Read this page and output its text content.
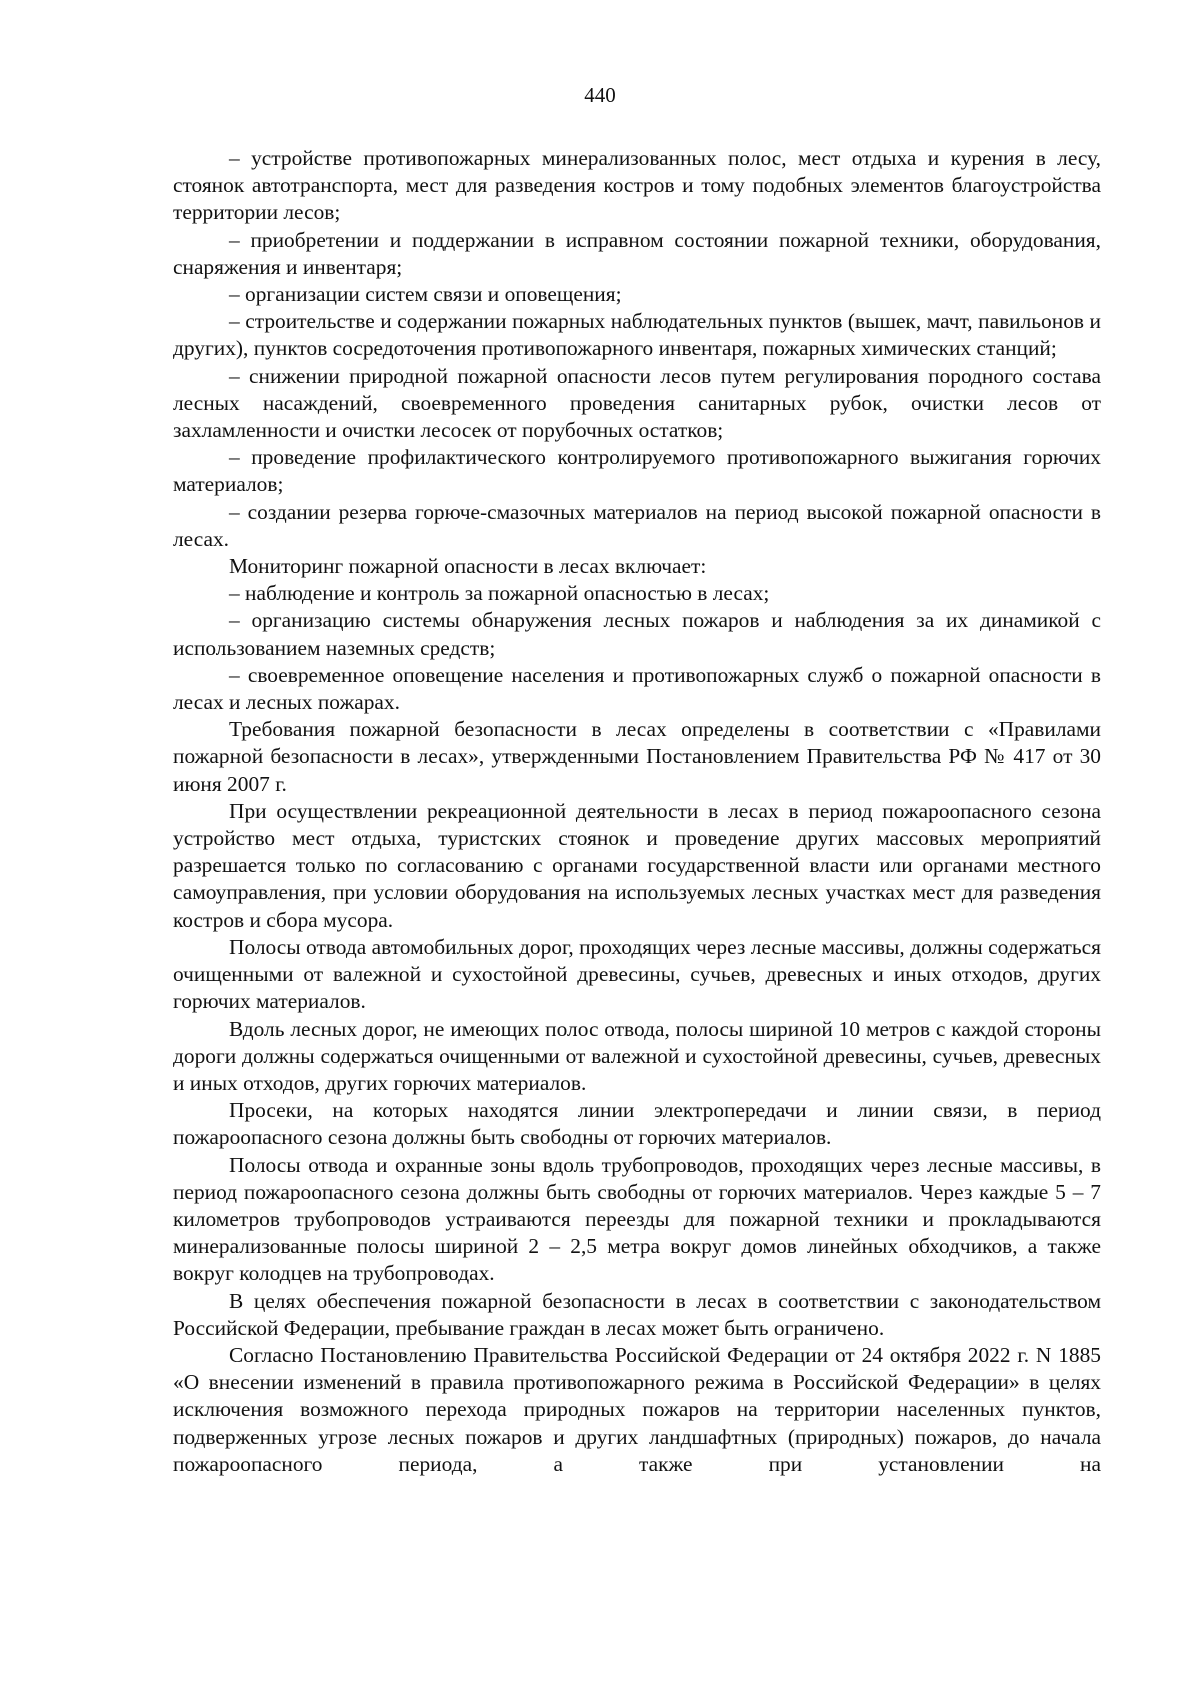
440

– устройстве противопожарных минерализованных полос, мест отдыха и курения в лесу, стоянок автотранспорта, мест для разведения костров и тому подобных элементов благоустройства территории лесов;

– приобретении и поддержании в исправном состоянии пожарной техники, оборудования, снаряжения и инвентаря;

– организации систем связи и оповещения;

– строительстве и содержании пожарных наблюдательных пунктов (вышек, мачт, павильонов и других), пунктов сосредоточения противопожарного инвентаря, пожарных химических станций;

– снижении природной пожарной опасности лесов путем регулирования породного состава лесных насаждений, своевременного проведения санитарных рубок, очистки лесов от захламленности и очистки лесосек от порубочных остатков;

– проведение профилактического контролируемого противопожарного выжигания горючих материалов;

– создании резерва горюче-смазочных материалов на период высокой пожарной опасности в лесах.

Мониторинг пожарной опасности в лесах включает:

– наблюдение и контроль за пожарной опасностью в лесах;

– организацию системы обнаружения лесных пожаров и наблюдения за их динамикой с использованием наземных средств;

– своевременное оповещение населения и противопожарных служб о пожарной опасности в лесах и лесных пожарах.

Требования пожарной безопасности в лесах определены в соответствии с «Правилами пожарной безопасности в лесах», утвержденными Постановлением Правительства РФ № 417 от 30 июня 2007 г.

При осуществлении рекреационной деятельности в лесах в период пожароопасного сезона устройство мест отдыха, туристских стоянок и проведение других массовых мероприятий разрешается только по согласованию с органами государственной власти или органами местного самоуправления, при условии оборудования на используемых лесных участках мест для разведения костров и сбора мусора.

Полосы отвода автомобильных дорог, проходящих через лесные массивы, должны содержаться очищенными от валежной и сухостойной древесины, сучьев, древесных и иных отходов, других горючих материалов.

Вдоль лесных дорог, не имеющих полос отвода, полосы шириной 10 метров с каждой стороны дороги должны содержаться очищенными от валежной и сухостойной древесины, сучьев, древесных и иных отходов, других горючих материалов.

Просеки, на которых находятся линии электропередачи и линии связи, в период пожароопасного сезона должны быть свободны от горючих материалов.

Полосы отвода и охранные зоны вдоль трубопроводов, проходящих через лесные массивы, в период пожароопасного сезона должны быть свободны от горючих материалов. Через каждые 5 – 7 километров трубопроводов устраиваются переезды для пожарной техники и прокладываются минерализованные полосы шириной 2 – 2,5 метра вокруг домов линейных обходчиков, а также вокруг колодцев на трубопроводах.

В целях обеспечения пожарной безопасности в лесах в соответствии с законодательством Российской Федерации, пребывание граждан в лесах может быть ограничено.

Согласно Постановлению Правительства Российской Федерации от 24 октября 2022 г. N 1885 «О внесении изменений в правила противопожарного режима в Российской Федерации» в целях исключения возможного перехода природных пожаров на территории населенных пунктов, подверженных угрозе лесных пожаров и других ландшафтных (природных) пожаров, до начала пожароопасного периода, а также при установлении на
